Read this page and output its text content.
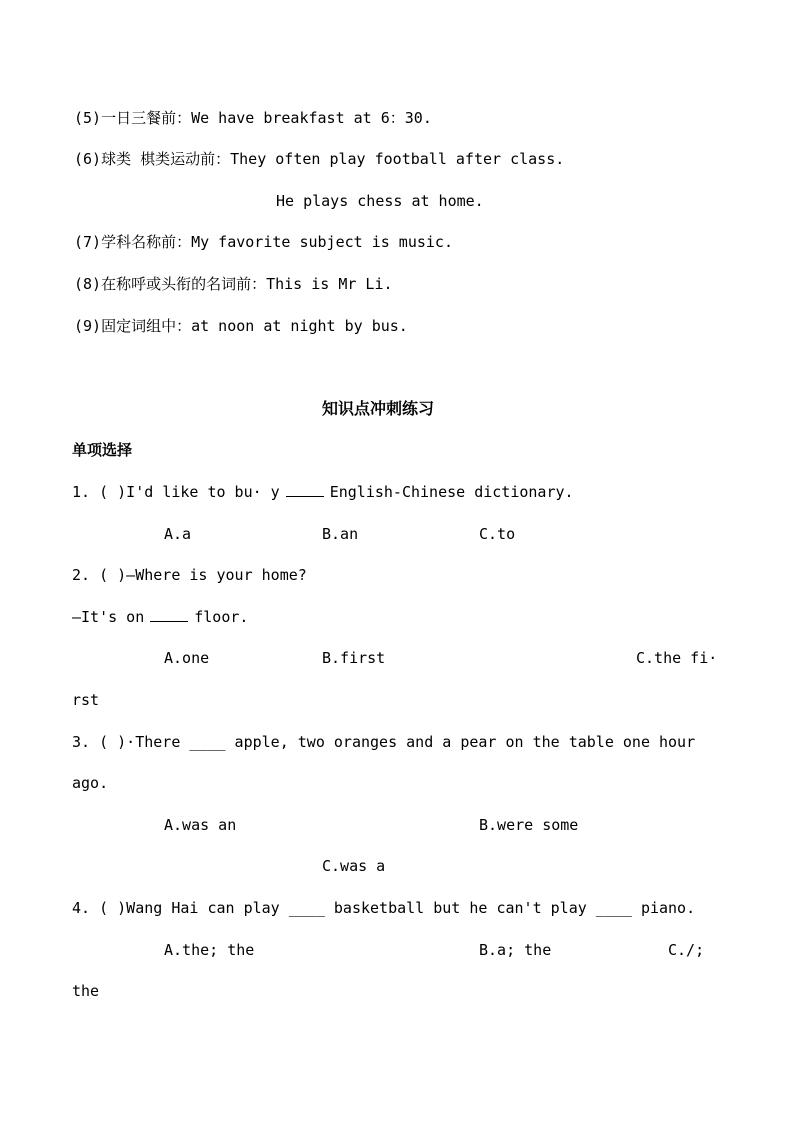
(5)一日三餐前：We have breakfast at 6：30.
(6)球类 棋类运动前：They often play football after class.
He plays chess at home.
(7)学科名称前：My favorite subject is music.
(8)在称呼或头衔的名词前：This is Mr Li.
(9)固定词组中：at noon at night by bus.
知识点冲刺练习
单项选择
1. ( )I'd like to bu· y	English-Chinese dictionary.
A.a	B.an	C.to
2. ( )—Where is your home?
—It's on	floor.
A.one	B.first	C.the fi·
rst
3. ( )·There ____ apple, two oranges and a pear on the table one hour
ago.
A.was an	B.were some
C.was a
4. ( )Wang Hai can play ____ basketball but he can't play ____ piano.
A.the; the	B.a; the	C./;
the
